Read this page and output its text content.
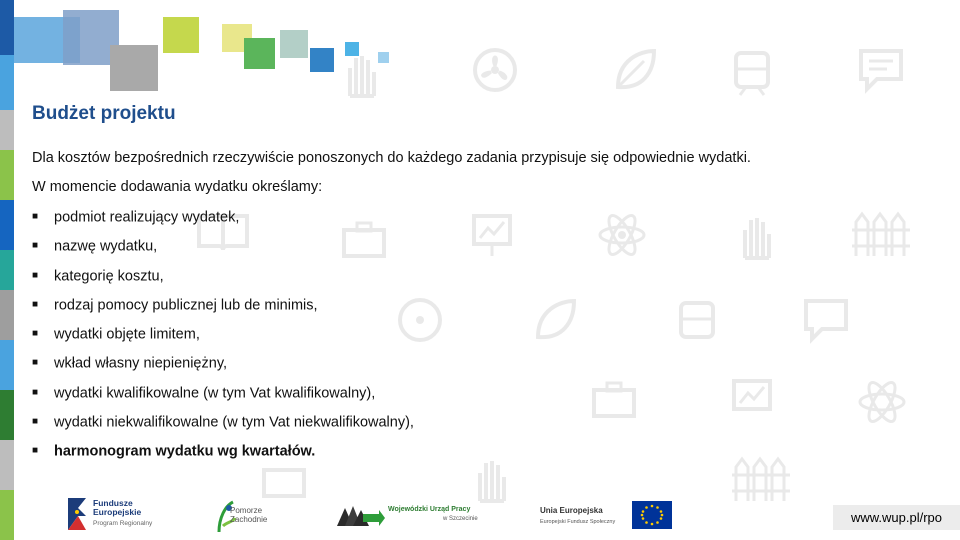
Budżet projektu
Dla kosztów bezpośrednich rzeczywiście ponoszonych do każdego zadania przypisuje się odpowiednie wydatki.
W momencie dodawania wydatku określamy:
■ podmiot realizujący wydatek,
■ nazwę wydatku,
■ kategorię kosztu,
■ rodzaj pomocy publicznej lub de minimis,
■ wydatki objęte limitem,
■ wkład własny niepieniężny,
■ wydatki kwalifikowalne (w tym Vat kwalifikowalny),
■ wydatki niekwalifikowalne (w tym Vat niekwalifikowalny),
■ harmonogram wydatku wg kwartałów.
Fundusze
Europejskie
Program Regionalny
Pomorze
Zachodnie
Wojewódzki Urząd Pracy
w Szczecinie
Unia Europejska
Europejski Fundusz Społeczny	www.wup.pl/rpo
